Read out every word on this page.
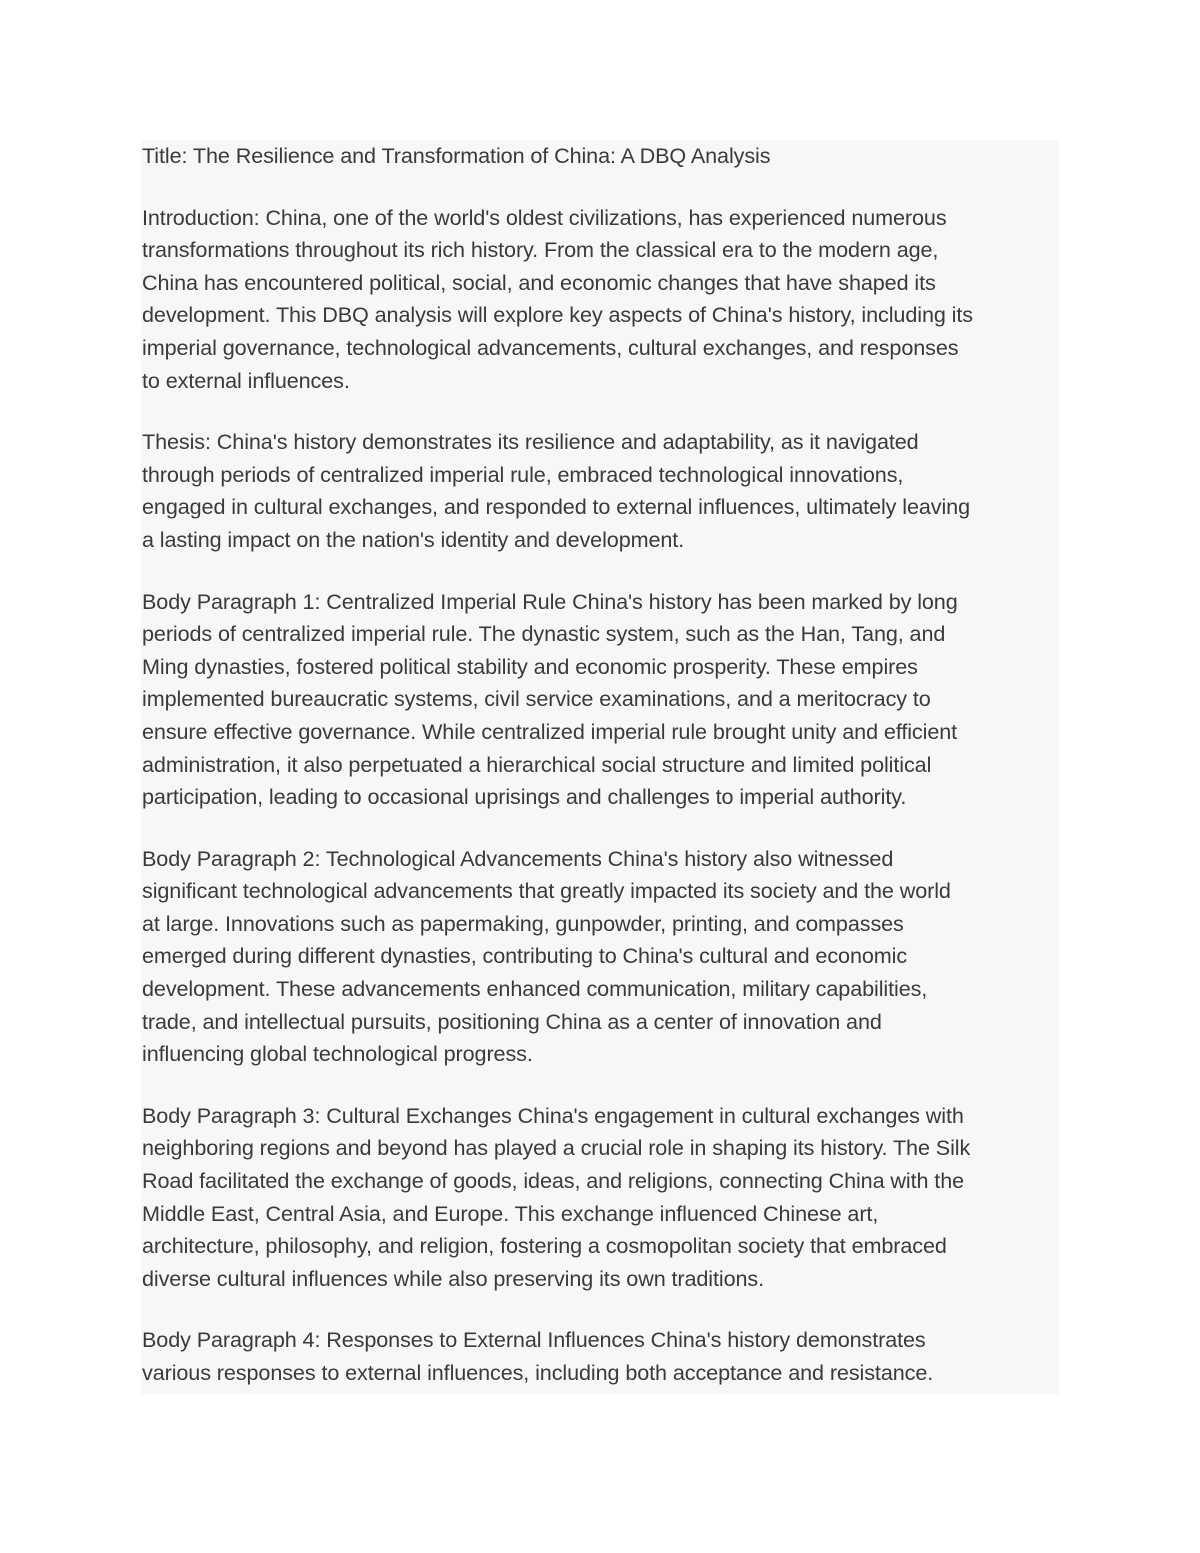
Title: The Resilience and Transformation of China: A DBQ Analysis

Introduction: China, one of the world's oldest civilizations, has experienced numerous

transformations throughout its rich history. From the classical era to the modern age,

China has encountered political, social, and economic changes that have shaped its

development. This DBQ analysis will explore key aspects of China's history, including its

imperial governance, technological advancements, cultural exchanges, and responses

to external influences.

Thesis: China's history demonstrates its resilience and adaptability, as it navigated

through periods of centralized imperial rule, embraced technological innovations,

engaged in cultural exchanges, and responded to external influences, ultimately leaving

a lasting impact on the nation's identity and development.

Body Paragraph 1: Centralized Imperial Rule China's history has been marked by long

periods of centralized imperial rule. The dynastic system, such as the Han, Tang, and

Ming dynasties, fostered political stability and economic prosperity. These empires

implemented bureaucratic systems, civil service examinations, and a meritocracy to

ensure effective governance. While centralized imperial rule brought unity and efficient

administration, it also perpetuated a hierarchical social structure and limited political

participation, leading to occasional uprisings and challenges to imperial authority.

Body Paragraph 2: Technological Advancements China's history also witnessed

significant technological advancements that greatly impacted its society and the world

at large. Innovations such as papermaking, gunpowder, printing, and compasses

emerged during different dynasties, contributing to China's cultural and economic

development. These advancements enhanced communication, military capabilities,

trade, and intellectual pursuits, positioning China as a center of innovation and

influencing global technological progress.

Body Paragraph 3: Cultural Exchanges China's engagement in cultural exchanges with

neighboring regions and beyond has played a crucial role in shaping its history. The Silk

Road facilitated the exchange of goods, ideas, and religions, connecting China with the

Middle East, Central Asia, and Europe. This exchange influenced Chinese art,

architecture, philosophy, and religion, fostering a cosmopolitan society that embraced

diverse cultural influences while also preserving its own traditions.

Body Paragraph 4: Responses to External Influences China's history demonstrates

various responses to external influences, including both acceptance and resistance.
